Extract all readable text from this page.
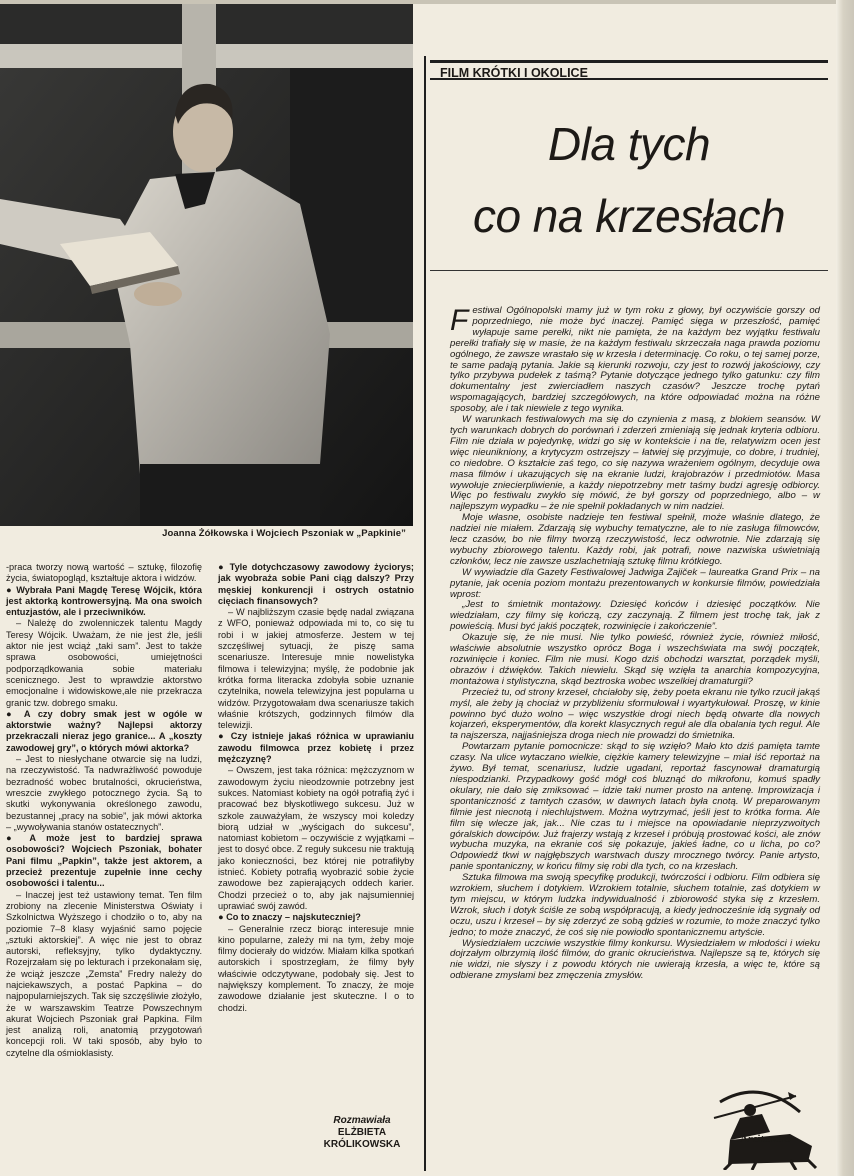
Joanna Żółkowska i Wojciech Pszoniak w „Papkinie”

-praca tworzy nową wartość – sztukę, filozofię życia, światopogląd, kształtuje aktora i widzów.

● Wybrała Pani Magdę Teresę Wójcik, która jest aktorką kontrowersyjną. Ma ona swoich entuzjastów, ale i przeciwników.

– Należę do zwolenniczek talentu Magdy Teresy Wójcik. Uważam, że nie jest źle, jeśli aktor nie jest wciąż „taki sam”. Jest to także sprawa osobowości, umiejętności podporządkowania sobie materiału scenicznego. Jest to wprawdzie aktorstwo emocjonalne i widowiskowe,ale nie przekracza granic tzw. dobrego smaku.

● A czy dobry smak jest w ogóle w aktorstwie ważny? Najlepsi aktorzy przekraczali nieraz jego granice... A „koszty zawodowej gry”, o których mówi aktorka?

– Jest to niesłychane otwarcie się na ludzi, na rzeczywistość. Ta nadwrażliwość powoduje bezradność wobec brutalności, okrucieństwa, wreszcie zwykłego potocznego życia. Są to skutki wykonywania określonego zawodu, bezustannej „pracy na sobie”, jak mówi aktorka – „wywoływania stanów ostatecznych”.

● A może jest to bardziej sprawa osobowości? Wojciech Pszoniak, bohater Pani filmu „Papkin”, także jest aktorem, a przecież prezentuje zupełnie inne cechy osobowości i talentu...

– Inaczej jest też ustawiony temat. Ten film zrobiony na zlecenie Ministerstwa Oświaty i Szkolnictwa Wyższego i chodziło o to, aby na poziomie 7–8 klasy wyjaśnić samo pojęcie „sztuki aktorskiej”. A więc nie jest to obraz autorski, refleksyjny, tylko dydaktyczny. Rozejrzałam się po lekturach i przekonałam się, że wciąż jeszcze „Zemsta” Fredry należy do najciekawszych, a postać Papkina – do najpopularniejszych. Tak się szczęśliwie złożyło, że w warszawskim Teatrze Powszechnym akurat Wojciech Pszoniak grał Papkina. Film jest analizą roli, anatomią przygotowań koncepcji roli. W taki sposób, aby było to czytelne dla ośmioklasisty.

● Tyle dotychczasowy zawodowy życiorys; jak wyobraża sobie Pani ciąg dalszy? Przy męskiej konkurencji i ostrych ostatnio cięciach finansowych?

– W najbliższym czasie będę nadal związana z WFO, ponieważ odpowiada mi to, co się tu robi i w jakiej atmosferze. Jestem w tej szczęśliwej sytuacji, że piszę sama scenariusze. Interesuje mnie nowelistyka filmowa i telewizyjna; myślę, że podobnie jak krótka forma literacka zdobyła sobie uznanie czytelnika, nowela telewizyjna jest popularna u widzów. Przygotowałam dwa scenariusze takich właśnie krótszych, godzinnych filmów dla telewizji.

● Czy istnieje jakaś różnica w uprawianiu zawodu filmowca przez kobietę i przez mężczyznę?

– Owszem, jest taka różnica: mężczyznom w zawodowym życiu nieodzownie potrzebny jest sukces. Natomiast kobiety na ogół potrafią żyć i pracować bez błyskotliwego sukcesu. Już w szkole zauważyłam, że wszyscy moi koledzy biorą udział w „wyścigach do sukcesu”, natomiast kobietom – oczywiście z wyjątkami – jest to dosyć obce. Z reguły sukcesu nie traktują jako konieczności, bez której nie potrafiłyby istnieć. Kobiety potrafią wyobrazić sobie życie zawodowe bez zapierających oddech karier. Chodzi przecież o to, aby jak najsumienniej uprawiać swój zawód.

● Co to znaczy – najskuteczniej?

– Generalnie rzecz biorąc interesuje mnie kino popularne, zależy mi na tym, żeby moje filmy docierały do widzów. Miałam kilka spotkań autorskich i spostrzegłam, że filmy były właściwie odczytywane, podobały się. Jest to największy komplement. To znaczy, że moje zawodowe działanie jest skuteczne. I o to chodzi.

Rozmawiała
ELŻBIETA
KRÓLIKOWSKA
FILM KRÓTKI I OKOLICE
Dla tych
co na krzesłach

Festiwal Ogólnopolski mamy już w tym roku z głowy, był oczywiście gorszy od poprzedniego, nie może być inaczej. Pamięć sięga w przeszłość, pamięć wyłapuje same perełki, nikt nie pamięta, że na każdym bez wyjątku festiwalu perełki trafiały się w masie, że na każdym festiwalu skrzeczała naga prawda poziomu ogólnego, że zawsze wrastało się w krzesła i determinację. Co roku, o tej samej porze, te same padają pytania. Jakie są kierunki rozwoju, czy jest to rozwój jakościowy, czy tylko przybywa pudełek z taśmą? Pytanie dotyczące jednego tylko gatunku: czy film dokumentalny jest zwierciadłem naszych czasów? Jeszcze trochę pytań wspomagających, bardziej szczegółowych, na które odpowiadać można na różne sposoby, ale i tak niewiele z tego wynika.

W warunkach festiwalowych ma się do czynienia z masą, z blokiem seansów. W tych warunkach dobrych do porównań i zderzeń zmieniają się jednak kryteria odbioru. Film nie działa w pojedynkę, widzi go się w kontekście i na tle, relatywizm ocen jest więc nieunikniony, a krytycyzm ostrzejszy – łatwiej się przyjmuje, co dobre, i trudniej, co niedobre. O kształcie zaś tego, co się nazywa wrażeniem ogólnym, decyduje owa masa filmów i ukazujących się na ekranie ludzi, krajobrazów i przedmiotów. Masa wywołuje zniecierpliwienie, a każdy niepotrzebny metr taśmy budzi agresję odbiorcy. Więc po festiwalu zwykło się mówić, że był gorszy od poprzedniego, albo – w najlepszym wypadku – że nie spełnił pokładanych w nim nadziei.

Moje własne, osobiste nadzieje ten festiwal spełnił, może właśnie dlatego, że nadziei nie miałem. Zdarzają się wybuchy tematyczne, ale to nie zasługa filmowców, lecz czasów, bo nie filmy tworzą rzeczywistość, lecz odwrotnie. Nie zdarzają się wybuchy zbiorowego talentu. Każdy robi, jak potrafi, nowe nazwiska uświetniają członków, lecz nie zawsze uszlachetniają sztukę filmu krótkiego.

W wywiadzie dla Gazety Festiwalowej Jadwiga Zajiček – laureatka Grand Prix – na pytanie, jak ocenia poziom montażu prezentowanych w konkursie filmów, powiedziała wprost:

„Jest to śmietnik montażowy. Dziesięć końców i dziesięć początków. Nie wiedziałam, czy filmy się kończą, czy zaczynają. Z filmem jest trochę tak, jak z powieścią. Musi być jakiś początek, rozwinięcie i zakończenie”.

Okazuje się, że nie musi. Nie tylko powieść, również życie, również miłość, właściwie absolutnie wszystko oprócz Boga i wszechświata ma swój początek, rozwinięcie i koniec. Film nie musi. Kogo dziś obchodzi warsztat, porządek myśli, obrazów i dźwięków. Takich niewielu. Skąd się wzięła ta anarchia kompozycyjna, montażowa i stylistyczna, skąd beztroska wobec wszelkiej dramaturgii?

Przecież tu, od strony krzeseł, chciałoby się, żeby poeta ekranu nie tylko rzucił jakąś myśl, ale żeby ją chociaż w przybliżeniu sformułował i wyartykułował. Proszę, w kinie powinno być dużo wolno – więc wszystkie drogi niech będą otwarte dla nowych kojarzeń, eksperymentów, dla korekt klasycznych reguł ale dla obalania tych reguł. Ale ta najszersza, najjaśniejsza droga niech nie prowadzi do śmietnika.

Powtarzam pytanie pomocnicze: skąd to się wzięło? Mało kto dziś pamięta tamte czasy. Na ulice wytaczano wielkie, ciężkie kamery telewizyjne – miał iść reportaż na żywo. Był temat, scenariusz, ludzie ugadani, reportaż fascynował dramaturgią niespodzianki. Przypadkowy gość mógł coś bluznąć do mikrofonu, komuś spadły okulary, nie dało się zmiksować – idzie taki numer prosto na antenę. Improwizacja i spontaniczność z tamtych czasów, w dawnych latach była cnotą. W preparowanym filmie jest niecnotą i niechlujstwem. Można wytrzymać, jeśli jest to krótka forma. Ale film się wlecze jak, jak... Nie czas tu i miejsce na opowiadanie nieprzyzwoitych góralskich dowcipów. Już frajerzy wstają z krzeseł i próbują prostować kości, ale znów wybucha muzyka, na ekranie coś się pokazuje, jakieś ładne, co u licha, po co? Odpowiedź tkwi w najgłębszych warstwach duszy mrocznego twórcy. Panie artysto, panie spontaniczny, w końcu filmy się robi dla tych, co na krzesłach.

Sztuka filmowa ma swoją specyfikę produkcji, twórczości i odbioru. Film odbiera się wzrokiem, słuchem i dotykiem. Wzrokiem totalnie, słuchem totalnie, zaś dotykiem w tym miejscu, w którym ludzka indywidualność i zbiorowość styka się z krzesłem. Wzrok, słuch i dotyk ściśle ze sobą współpracują, a kiedy jednocześnie idą sygnały od oczu, uszu i krzeseł – by się zderzyć ze sobą gdzieś w rozumie, to może znaczyć tylko jedno; to może znaczyć, że coś się nie powiodło spontanicznemu artyście.

Wysiedziałem uczciwie wszystkie filmy konkursu. Wysiedziałem w młodości i wieku dojrzałym olbrzymią ilość filmów, do granic okrucieństwa. Najlepsze są te, których się nie widzi, nie słyszy i z powodu których nie uwierają krzesła, a więc te, które są odbierane zmysłami bez zmęczenia zmysłów.

Arcitenens
